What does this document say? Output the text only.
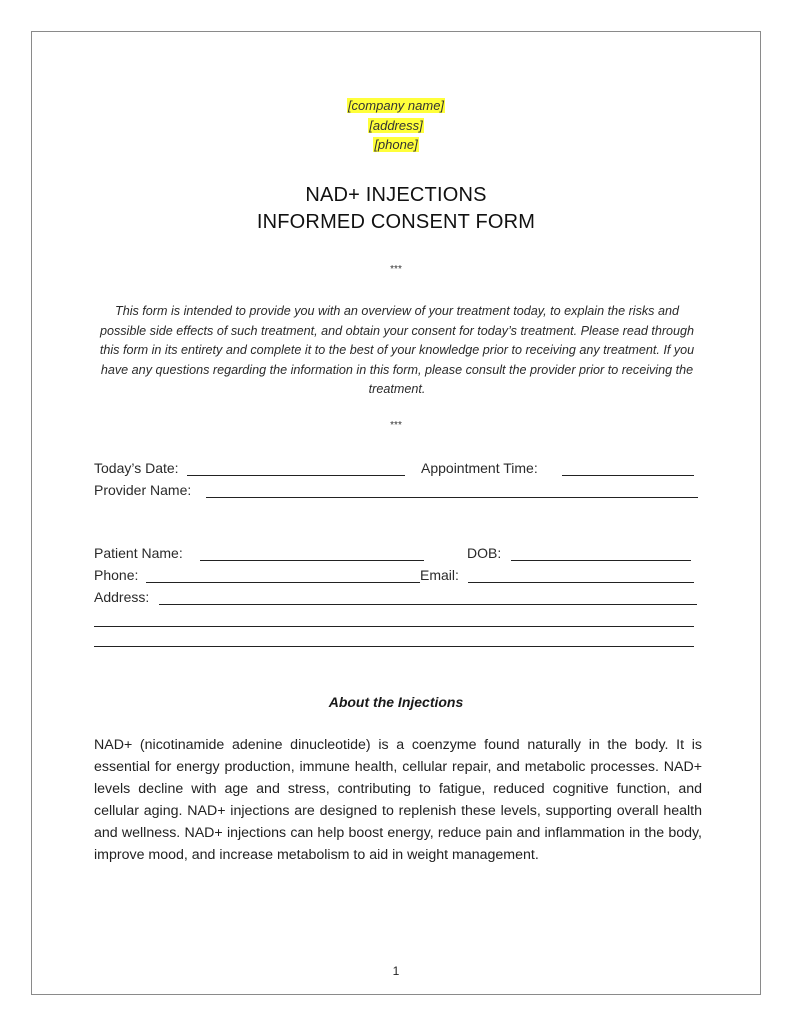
[company name]
[address]
[phone]
NAD+ INJECTIONS
INFORMED CONSENT FORM
***
This form is intended to provide you with an overview of your treatment today, to explain the risks and possible side effects of such treatment, and obtain your consent for today’s treatment. Please read through this form in its entirety and complete it to the best of your knowledge prior to receiving any treatment. If you have any questions regarding the information in this form, please consult the provider prior to receiving the treatment.
***
Today’s Date:	Appointment Time:
Provider Name:
Patient Name:	DOB:
Phone:	Email:
Address:
About the Injections
NAD+ (nicotinamide adenine dinucleotide) is a coenzyme found naturally in the body. It is essential for energy production, immune health, cellular repair, and metabolic processes. NAD+ levels decline with age and stress, contributing to fatigue, reduced cognitive function, and cellular aging. NAD+ injections are designed to replenish these levels, supporting overall health and wellness. NAD+ injections can help boost energy, reduce pain and inflammation in the body, improve mood, and increase metabolism to aid in weight management.
1
